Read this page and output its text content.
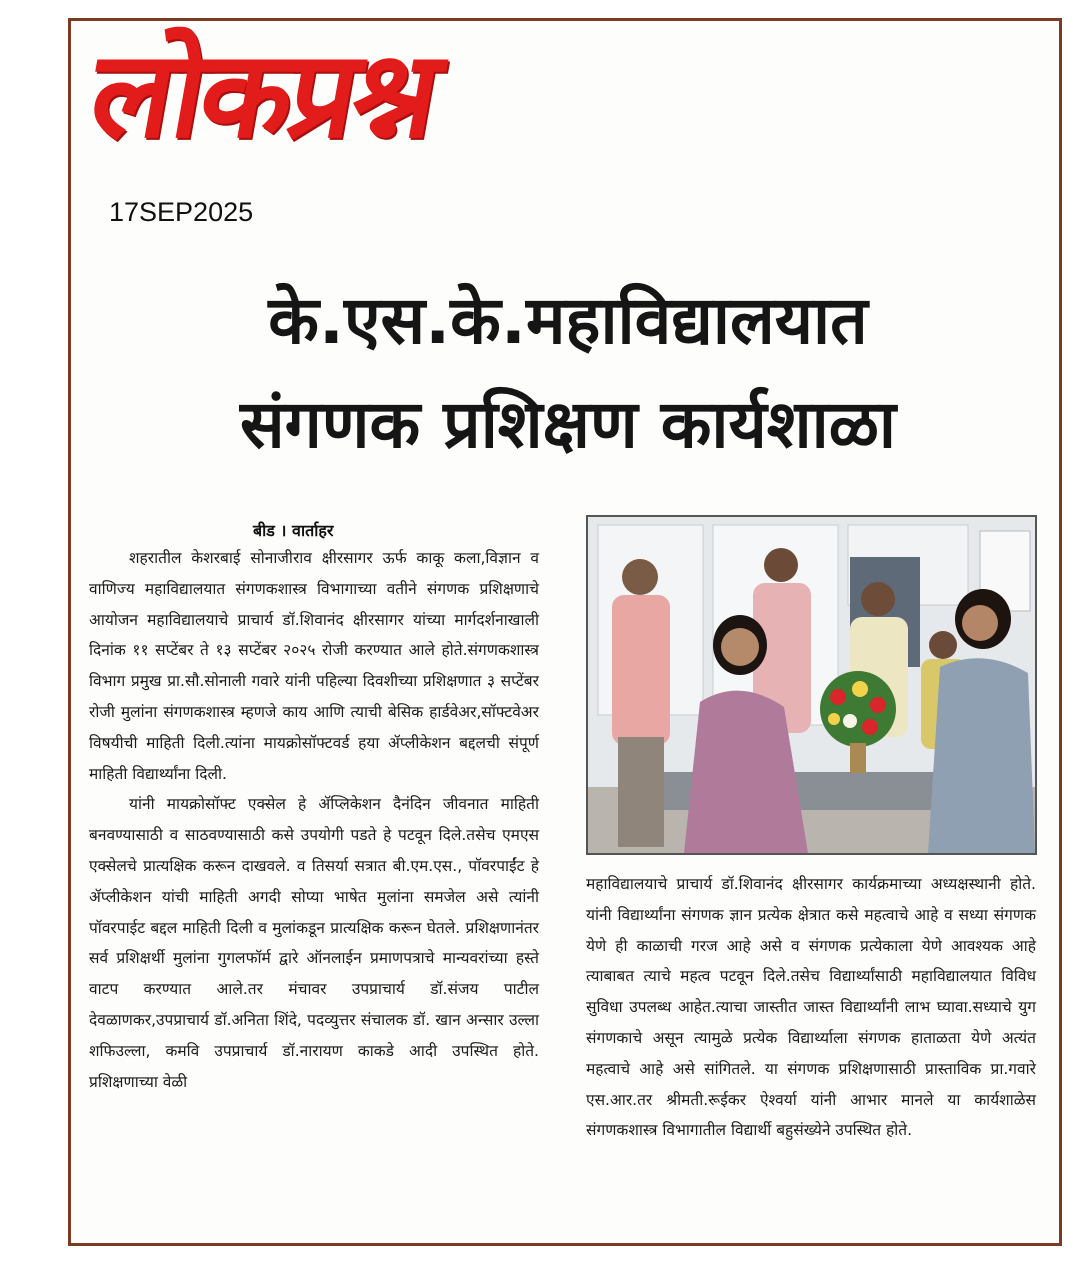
लोकप्रश्न
17SEP2025
के.एस.के.महाविद्यालयात
संगणक प्रशिक्षण कार्यशाळा
बीड । वार्ताहर

शहरातील केशरबाई सोनाजीराव क्षीरसागर ऊर्फ काकू कला,विज्ञान व वाणिज्य महाविद्यालयात संगणकशास्त्र विभागाच्या वतीने संगणक प्रशिक्षणाचे आयोजन महाविद्यालयाचे प्राचार्य डॉ.शिवानंद क्षीरसागर यांच्या मार्गदर्शनाखाली दिनांक ११ सप्टेंबर ते १३ सप्टेंबर २०२५ रोजी करण्यात आले होते.संगणकशास्त्र विभाग प्रमुख प्रा.सौ.सोनाली गवारे यांनी पहिल्या दिवशीच्या प्रशिक्षणात ३ सप्टेंबर रोजी मुलांना संगणकशास्त्र म्हणजे काय आणि त्याची बेसिक हार्डवेअर,सॉफ्टवेअर विषयीची माहिती दिली.त्यांना मायक्रोसॉफ्टवर्ड हया ॲप्लीकेशन बद्दलची संपूर्ण माहिती विद्यार्थ्यांना दिली.

यांनी मायक्रोसॉफ्ट एक्सेल हे ॲप्लिकेशन दैनंदिन जीवनात माहिती बनवण्यासाठी व साठवण्यासाठी कसे उपयोगी पडते हे पटवून दिले.तसेच एमएस एक्सेलचे प्रात्यक्षिक करून दाखवले. व तिसर्या सत्रात बी.एम.एस., पॉवरपाईंट हे ॲप्लीकेशन यांची माहिती अगदी सोप्या भाषेत मुलांना समजेल असे त्यांनी पॉवरपाईट बद्दल माहिती दिली व मुलांकडून प्रात्यक्षिक करून घेतले. प्रशिक्षणानंतर सर्व प्रशिक्षर्थी मुलांना गुगलफॉर्म द्वारे ऑनलाईन प्रमाणपत्राचे मान्यवरांच्या हस्ते वाटप करण्यात आले.तर मंचावर उपप्राचार्य डॉ.संजय पाटील देवळाणकर,उपप्राचार्य डॉ.अनिता शिंदे, पदव्युत्तर संचालक डॉ. खान अन्सार उल्ला शफिउल्ला, कमवि उपप्राचार्य डॉ.नारायण काकडे आदी उपस्थित होते. प्रशिक्षणाच्या वेळी

महाविद्यालयाचे प्राचार्य डॉ.शिवानंद क्षीरसागर कार्यक्रमाच्या अध्यक्षस्थानी होते. यांनी विद्यार्थ्यांना संगणक ज्ञान प्रत्येक क्षेत्रात कसे महत्वाचे आहे व सध्या संगणक येणे ही काळाची गरज आहे असे व संगणक प्रत्येकाला येणे आवश्यक आहे त्याबाबत त्याचे महत्व पटवून दिले.तसेच विद्यार्थ्यांसाठी महाविद्यालयात विविध सुविधा उपलब्ध आहेत.त्याचा जास्तीत जास्त विद्यार्थ्यांनी लाभ घ्यावा.सध्याचे युग संगणकाचे असून त्यामुळे प्रत्येक विद्यार्थ्याला संगणक हाताळता येणे अत्यंत महत्वाचे आहे असे सांगितले. या संगणक प्रशिक्षणासाठी प्रास्ताविक प्रा.गवारे एस.आर.तर श्रीमती.रूईकर ऐश्वर्या यांनी आभार मानले या कार्यशाळेस संगणकशास्त्र विभागातील विद्यार्थी बहुसंख्येने उपस्थित होते.
